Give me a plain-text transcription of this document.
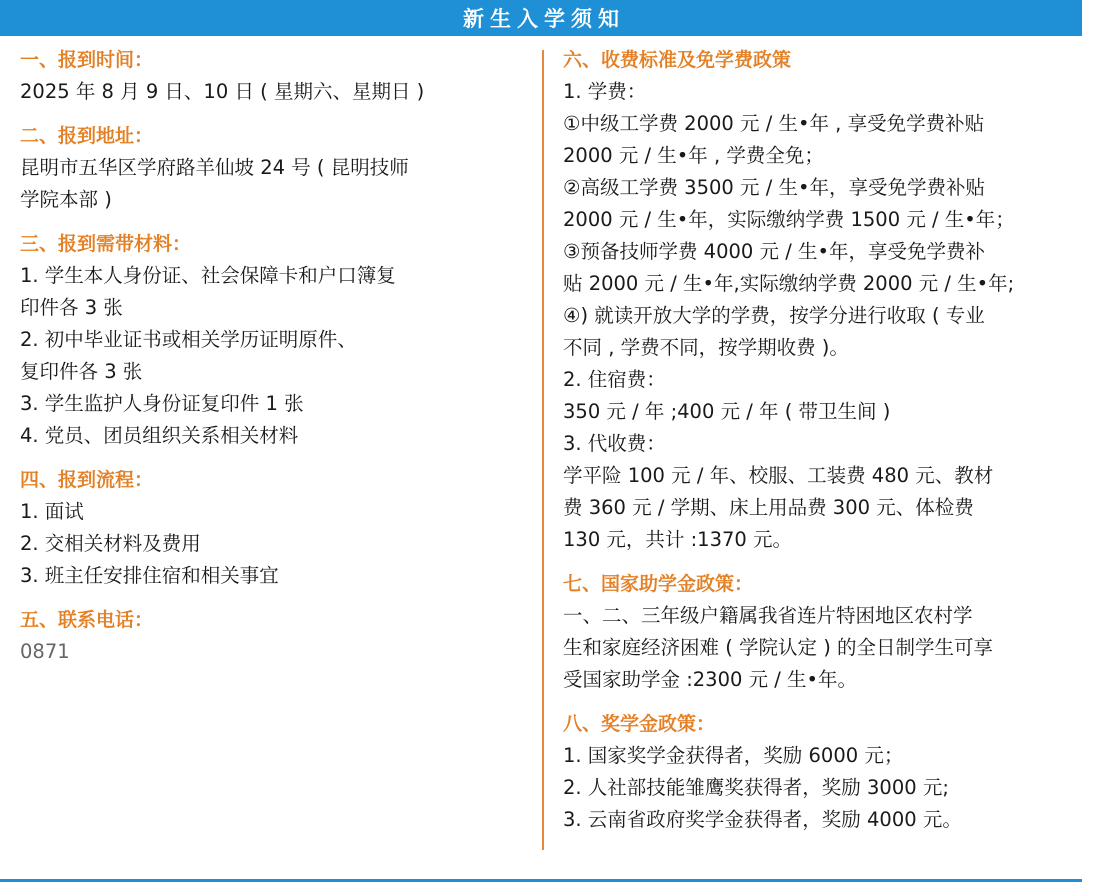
新生入学须知
一、报到时间：
2025 年 8 月 9 日、10 日 ( 星期六、星期日 )
二、报到地址：
昆明市五华区学府路羊仙坡 24 号 ( 昆明技师
学院本部 )
三、报到需带材料：
1. 学生本人身份证、社会保障卡和户口簿复
印件各 3 张
2. 初中毕业证书或相关学历证明原件、
复印件各 3 张
3. 学生监护人身份证复印件 1 张
4. 党员、团员组织关系相关材料
四、报到流程：
1. 面试
2. 交相关材料及费用
3. 班主任安排住宿和相关事宜
五、联系电话：
0871
六、收费标准及免学费政策
1. 学费：
①中级工学费 2000 元 / 生•年 , 享受免学费补贴
2000 元 / 生•年 , 学费全免；
②高级工学费 3500 元 / 生•年，享受免学费补贴
2000 元 / 生•年，实际缴纳学费 1500 元 / 生•年；
③预备技师学费 4000 元 / 生•年，享受免学费补
贴 2000 元 / 生•年,实际缴纳学费 2000 元 / 生•年;
④) 就读开放大学的学费，按学分进行收取 ( 专业
不同 , 学费不同，按学期收费 )。
2. 住宿费：
350 元 / 年 ;400 元 / 年 ( 带卫生间 )
3. 代收费：
学平险 100 元 / 年、校服、工装费 480 元、教材
费 360 元 / 学期、床上用品费 300 元、体检费
130 元，共计 :1370 元。
七、国家助学金政策：
一、二、三年级户籍属我省连片特困地区农村学
生和家庭经济困难 ( 学院认定 ) 的全日制学生可享
受国家助学金 :2300 元 / 生•年。
八、奖学金政策：
1. 国家奖学金获得者，奖励 6000 元；
2. 人社部技能雏鹰奖获得者，奖励 3000 元;
3. 云南省政府奖学金获得者，奖励 4000 元。
